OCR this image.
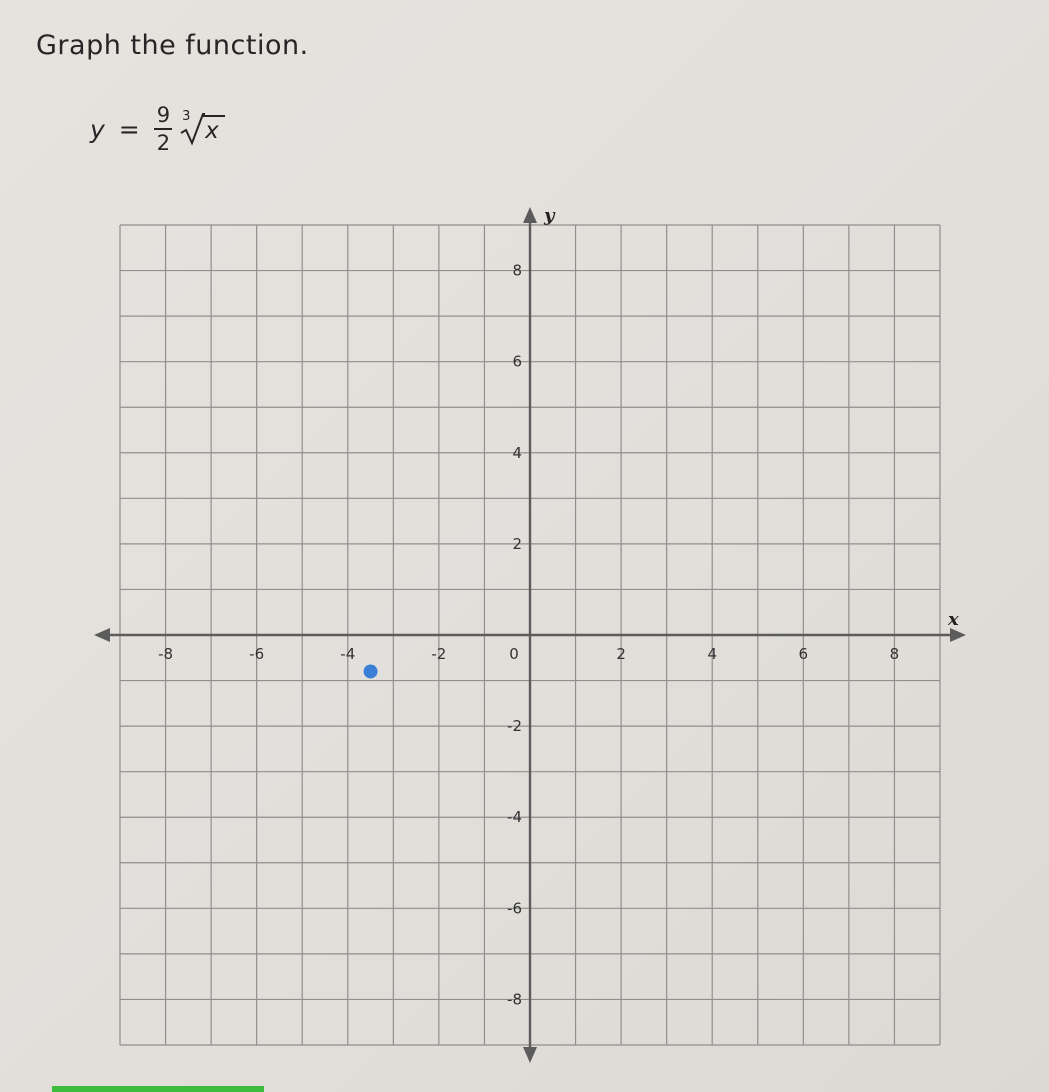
Graph the function.
$y = \frac{9}{2} 3$
x
x
y
-8	-6	-4	-2	0	2	4	6	8
8
6
4
2
-2
-4
-6
-8
